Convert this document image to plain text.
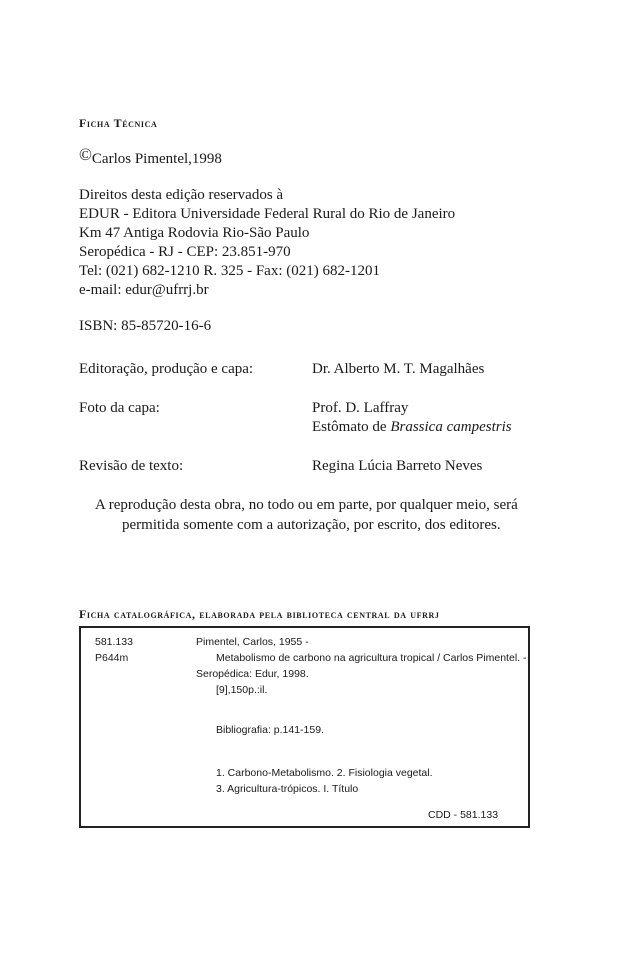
Ficha Técnica
©Carlos Pimentel,1998
Direitos desta edição reservados à
EDUR - Editora Universidade Federal Rural do Rio de Janeiro
Km 47 Antiga Rodovia Rio-São Paulo
Seropédica - RJ - CEP: 23.851-970
Tel: (021) 682-1210 R. 325 - Fax: (021) 682-1201
e-mail: edur@ufrrj.br
ISBN: 85-85720-16-6
Editoração, produção e capa:	Dr. Alberto M. T. Magalhães
Foto da capa:	Prof. D. Laffray
Estômato de Brassica campestris
Revisão de texto:	Regina Lúcia Barreto Neves
A reprodução desta obra, no todo ou em parte, por qualquer meio, será
permitida somente com a autorização, por escrito, dos editores.
Ficha catalográfica, elaborada pela biblioteca central da ufrrj
581.133
P644m
Pimentel, Carlos, 1955 -
Metabolismo de carbono na agricultura tropical / Carlos Pimentel. -
Seropédica: Edur, 1998.
[9],150p.:il.
Bibliografia: p.141-159.
1. Carbono-Metabolismo. 2. Fisiologia vegetal.
3. Agricultura-trópicos. I. Título
CDD - 581.133
